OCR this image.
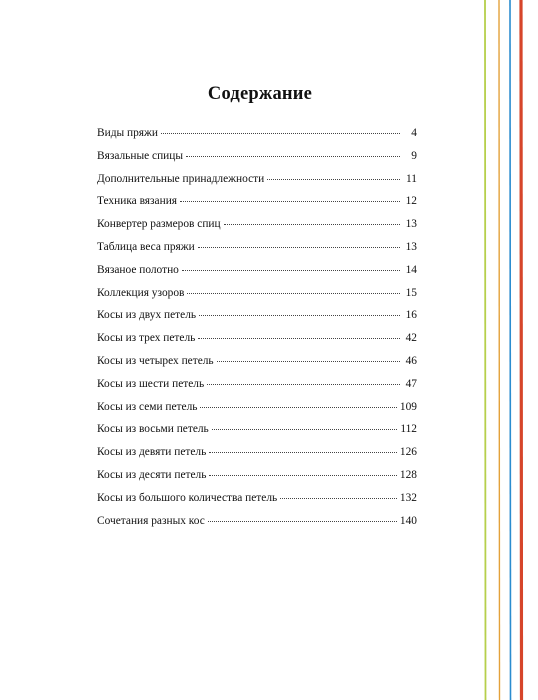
Содержание
Виды пряжи	4
Вязальные спицы	9
Дополнительные принадлежности	11
Техника вязания	12
Конвертер размеров спиц	13
Таблица веса пряжи	13
Вязаное полотно	14
Коллекция узоров	15
Косы из двух петель	16
Косы из трех петель	42
Косы из четырех петель	46
Косы из шести петель	47
Косы из семи петель	109
Косы из восьми петель	112
Косы из девяти петель	126
Косы из десяти петель	128
Косы из большого количества петель	132
Сочетания разных кос	140
